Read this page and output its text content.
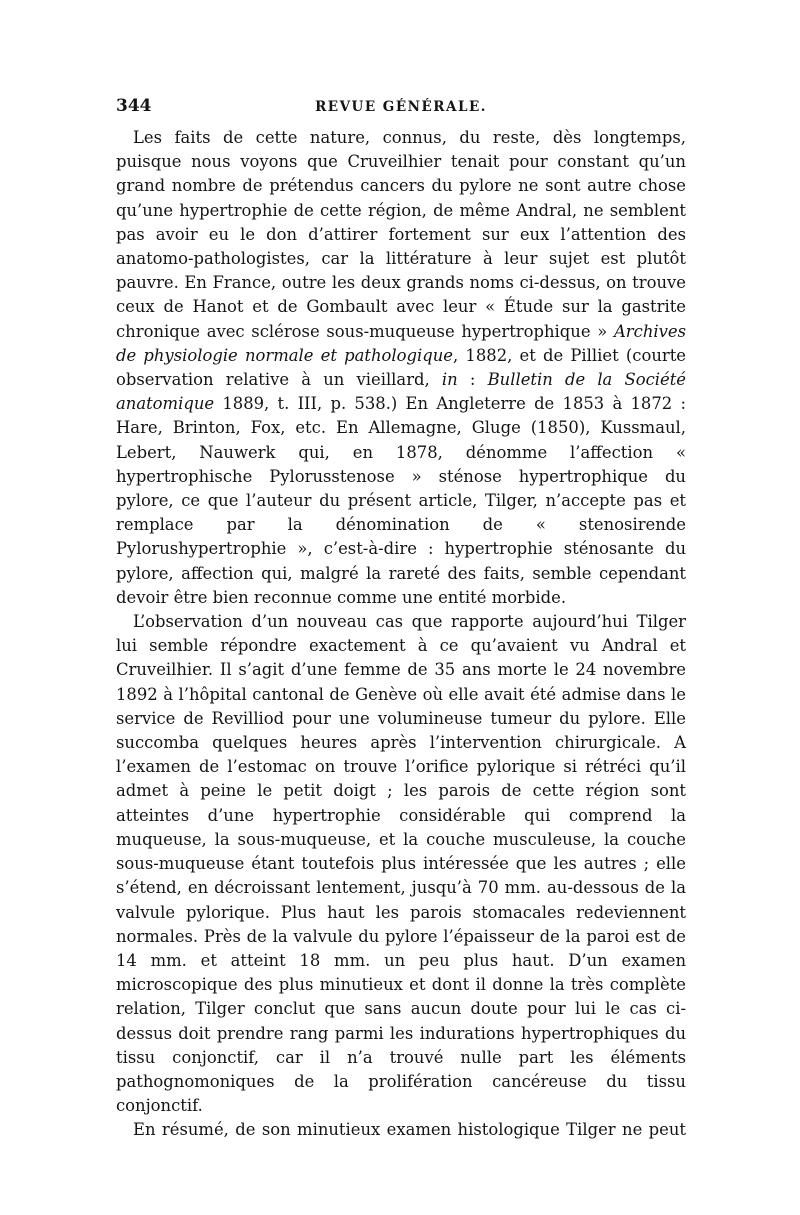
344	REVUE GÉNÉRALE.

Les faits de cette nature, connus, du reste, dès longtemps, puisque nous voyons que Cruveilhier tenait pour constant qu’un grand nombre de prétendus cancers du pylore ne sont autre chose qu’une hypertrophie de cette région, de même Andral, ne semblent pas avoir eu le don d’attirer fortement sur eux l’attention des anatomo-pathologistes, car la littérature à leur sujet est plutôt pauvre. En France, outre les deux grands noms ci-dessus, on trouve ceux de Hanot et de Gombault avec leur « Étude sur la gastrite chronique avec sclérose sous-muqueuse hypertrophique » Archives de physiologie normale et pathologique, 1882, et de Pilliet (courte observation relative à un vieillard, in : Bulletin de la Société anatomique 1889, t. III, p. 538.) En Angleterre de 1853 à 1872 : Hare, Brinton, Fox, etc. En Allemagne, Gluge (1850), Kussmaul, Lebert, Nauwerk qui, en 1878, dénomme l’affection « hypertrophische Pylorusstenose » sténose hypertrophique du pylore, ce que l’auteur du présent article, Tilger, n’accepte pas et remplace par la dénomination de « stenosirende Pylorushypertrophie », c’est-à-dire : hypertrophie sténosante du pylore, affection qui, malgré la rareté des faits, semble cependant devoir être bien reconnue comme une entité morbide.

L’observation d’un nouveau cas que rapporte aujourd’hui Tilger lui semble répondre exactement à ce qu’avaient vu Andral et Cruveilhier. Il s’agit d’une femme de 35 ans morte le 24 novembre 1892 à l’hôpital cantonal de Genève où elle avait été admise dans le service de Revilliod pour une volumineuse tumeur du pylore. Elle succomba quelques heures après l’intervention chirurgicale. A l’examen de l’estomac on trouve l’orifice pylorique si rétréci qu’il admet à peine le petit doigt ; les parois de cette région sont atteintes d’une hypertrophie considérable qui comprend la muqueuse, la sous-muqueuse, et la couche musculeuse, la couche sous-muqueuse étant toutefois plus intéressée que les autres ; elle s’étend, en décroissant lentement, jusqu’à 70 mm. au-dessous de la valvule pylorique. Plus haut les parois stomacales redeviennent normales. Près de la valvule du pylore l’épaisseur de la paroi est de 14 mm. et atteint 18 mm. un peu plus haut. D’un examen microscopique des plus minutieux et dont il donne la très complète relation, Tilger conclut que sans aucun doute pour lui le cas ci-dessus doit prendre rang parmi les indurations hypertrophiques du tissu conjonctif, car il n’a trouvé nulle part les éléments pathognomoniques de la prolifération cancéreuse du tissu conjonctif.

En résumé, de son minutieux examen histologique Tilger ne peut
